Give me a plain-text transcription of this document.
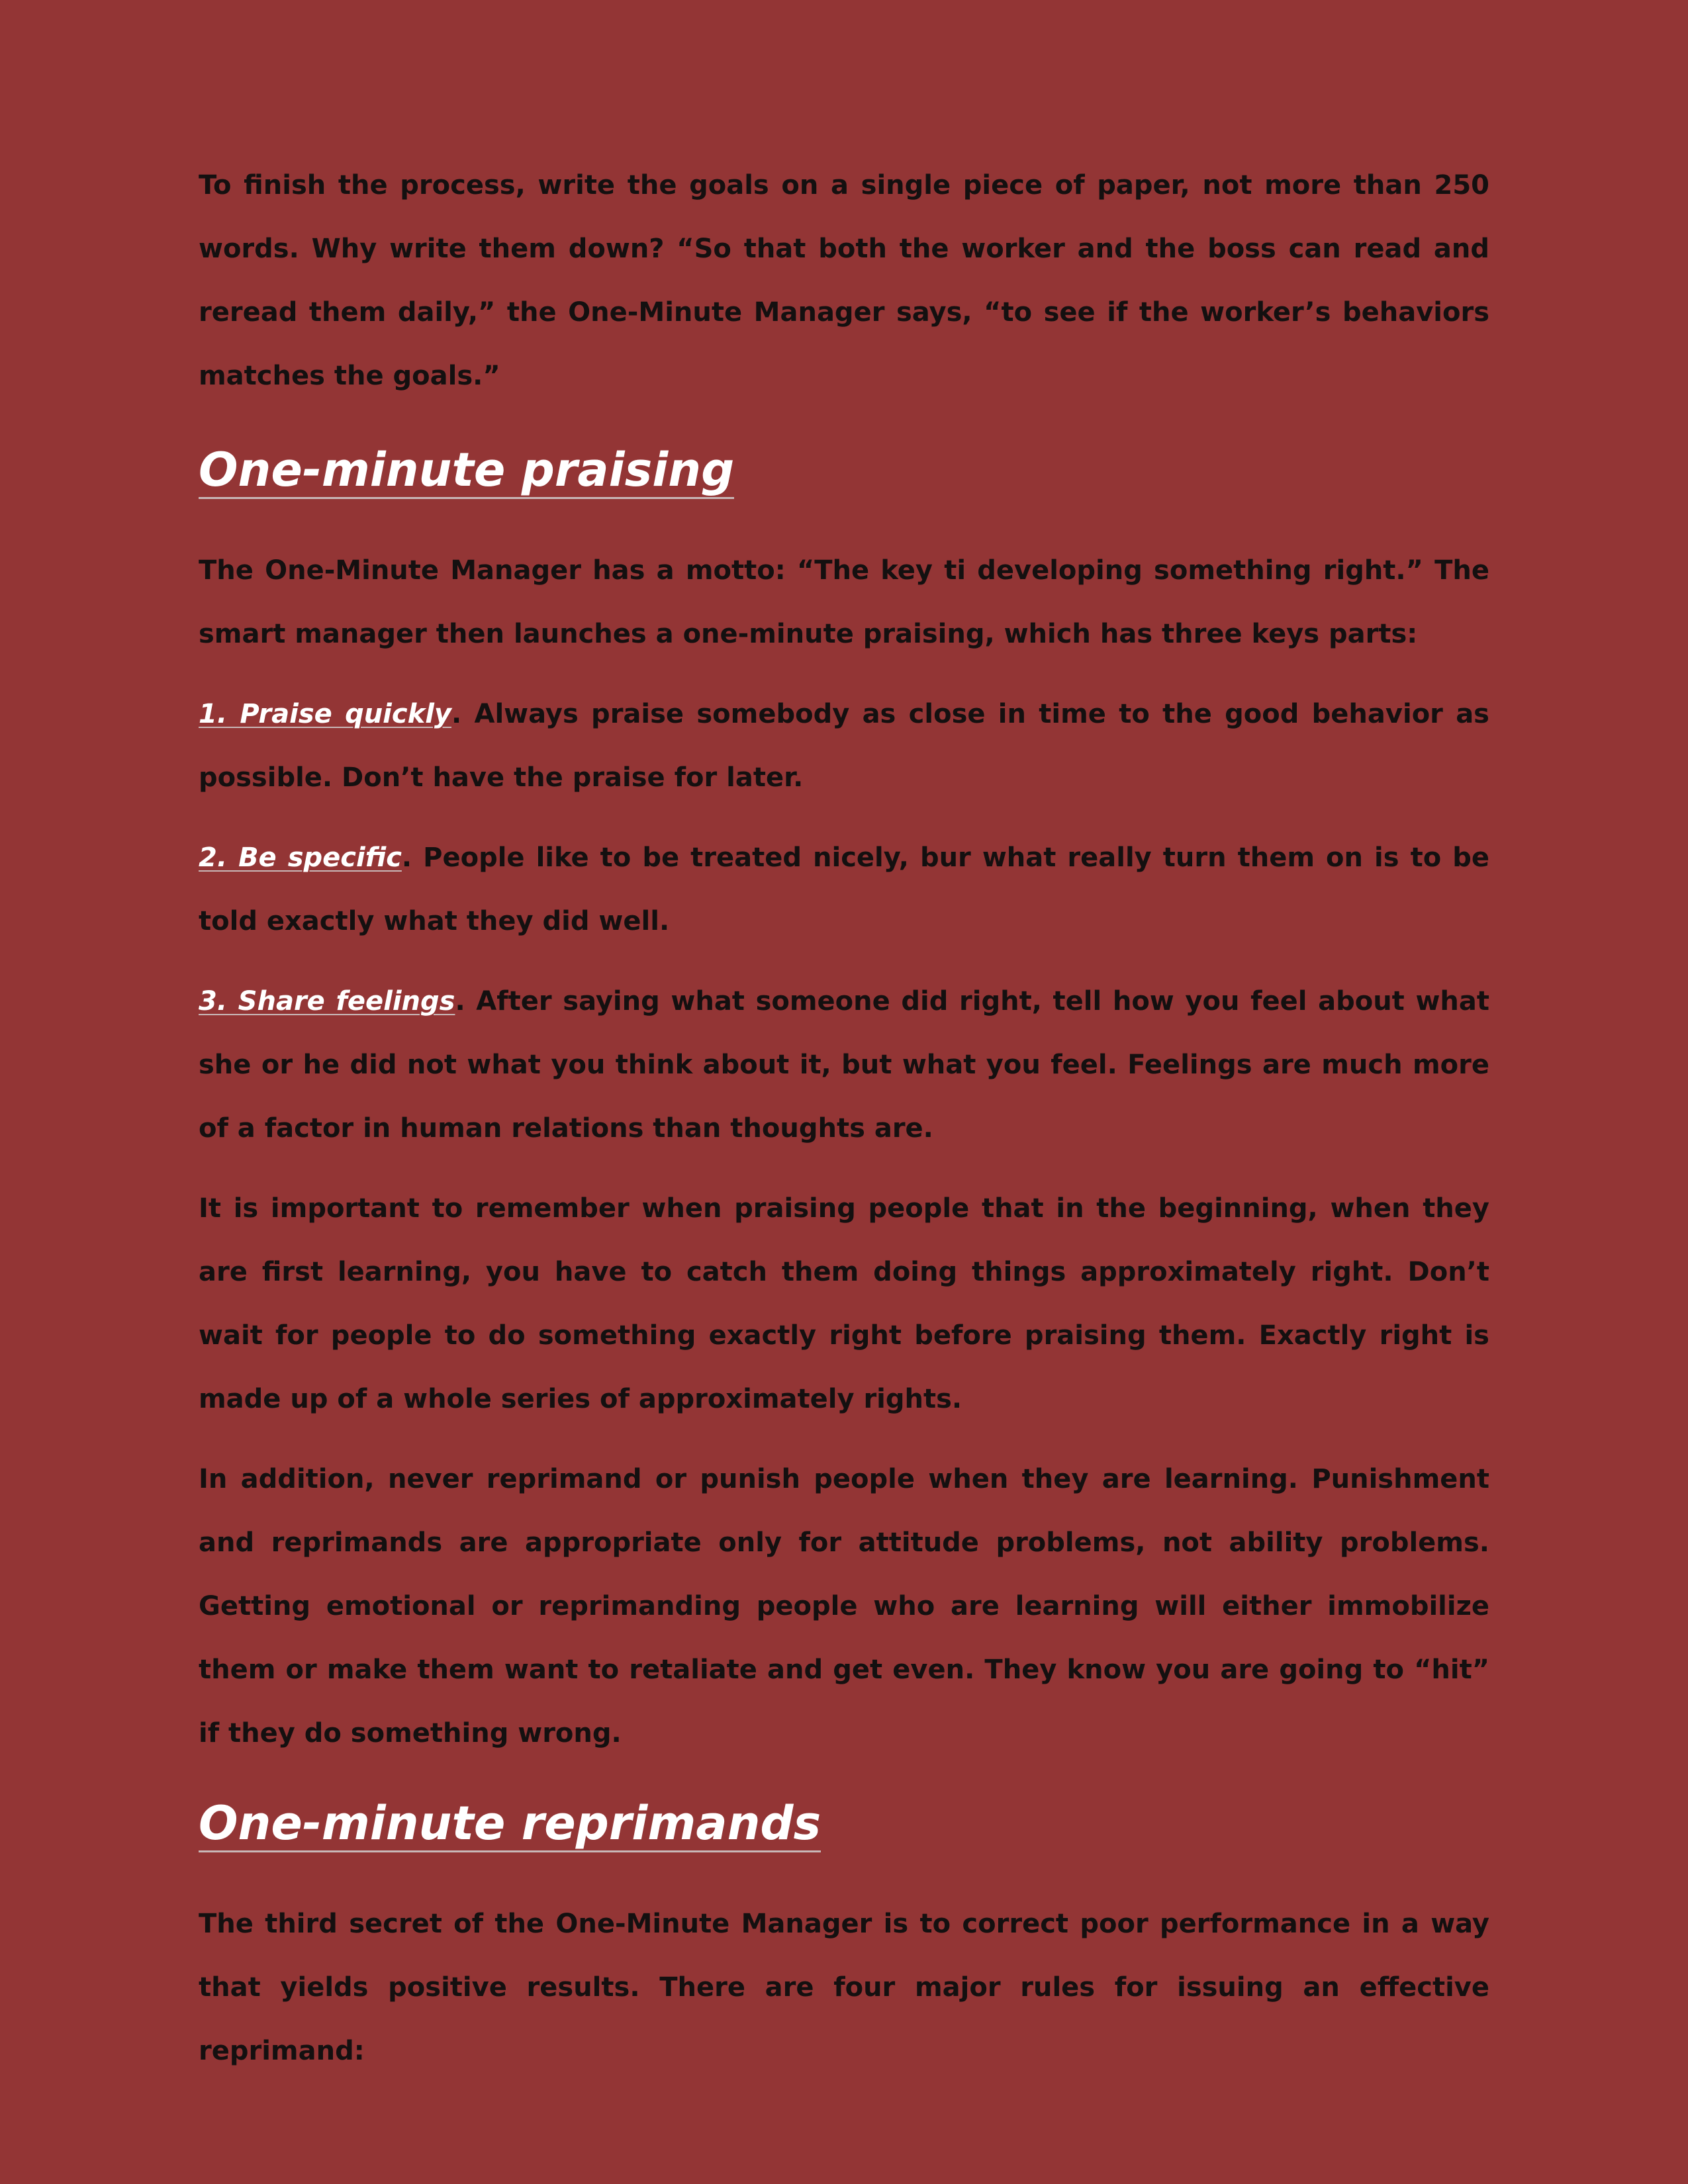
To finish the process, write the goals on a single piece of paper, not more than 250 words. Why write them down? “So that both the worker and the boss can read and reread them daily,” the One-Minute Manager says, “to see if the worker’s behaviors matches the goals.”

One-minute praising

The One-Minute Manager has a motto: “The key ti developing something right.” The smart manager then launches a one-minute praising, which has three keys parts:

1. Praise quickly. Always praise somebody as close in time to the good behavior as possible. Don’t have the praise for later.

2. Be specific. People like to be treated nicely, bur what really turn them on is to be told exactly what they did well.

3. Share feelings. After saying what someone did right, tell how you feel about what she or he did not what you think about it, but what you feel. Feelings are much more of a factor in human relations than thoughts are.

It is important to remember when praising people that in the beginning, when they are first learning, you have to catch them doing things approximately right. Don’t wait for people to do something exactly right before praising them. Exactly right is made up of a whole series of approximately rights.

In addition, never reprimand or punish people when they are learning. Punishment and reprimands are appropriate only for attitude problems, not ability problems. Getting emotional or reprimanding people who are learning will either immobilize them or make them want to retaliate and get even. They know you are going to “hit” if they do something wrong.

One-minute reprimands

The third secret of the One-Minute Manager is to correct poor performance in a way that yields positive results. There are four major rules for issuing an effective reprimand:
